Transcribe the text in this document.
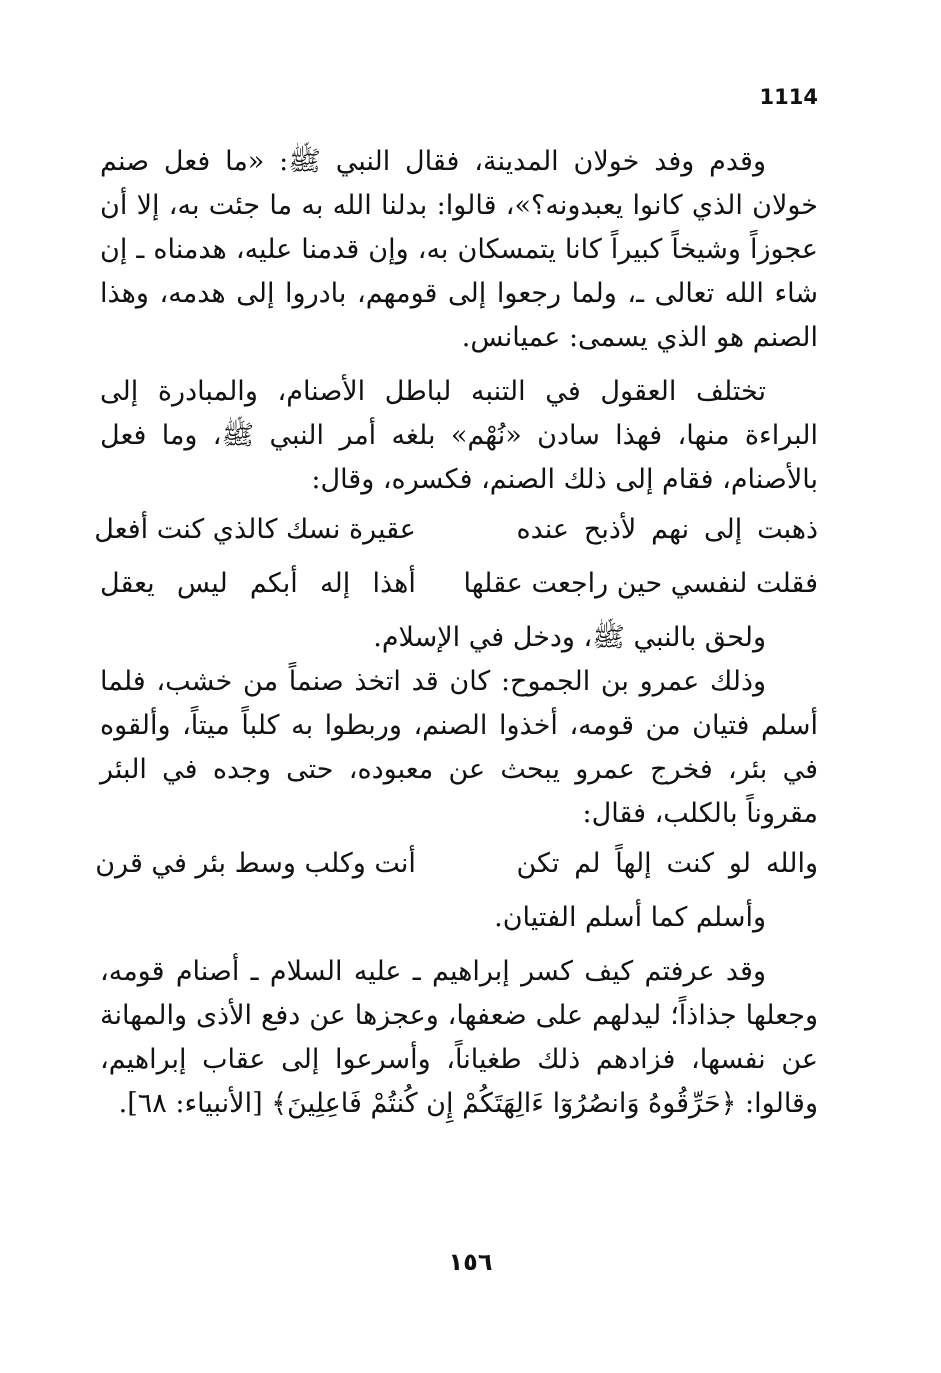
1114

وقدم وفد خولان المدينة، فقال النبي ﷺ: «ما فعل صنم خولان الذي كانوا يعبدونه؟»، قالوا: بدلنا الله به ما جئت به، إلا أن عجوزاً وشيخاً كبيراً كانا يتمسكان به، وإن قدمنا عليه، هدمناه ـ إن شاء الله تعالى ـ، ولما رجعوا إلى قومهم، بادروا إلى هدمه، وهذا الصنم هو الذي يسمى: عميانس.

تختلف العقول في التنبه لباطل الأصنام، والمبادرة إلى البراءة منها، فهذا سادن «نُهْم» بلغه أمر النبي ﷺ، وما فعل بالأصنام، فقام إلى ذلك الصنم، فكسره، وقال:

ذهبت إلى نهم لأذبح عنده
عقيرة نسك كالذي كنت أفعل
فقلت لنفسي حين راجعت عقلها
أهذا إله أبكم ليس يعقل

ولحق بالنبي ﷺ، ودخل في الإسلام.

وذلك عمرو بن الجموح: كان قد اتخذ صنماً من خشب، فلما أسلم فتيان من قومه، أخذوا الصنم، وربطوا به كلباً ميتاً، وألقوه في بئر، فخرج عمرو يبحث عن معبوده، حتى وجده في البئر مقروناً بالكلب، فقال:

والله لو كنت إلهاً لم تكن
أنت وكلب وسط بئر في قرن

وأسلم كما أسلم الفتيان.

وقد عرفتم كيف كسر إبراهيم ـ عليه السلام ـ أصنام قومه، وجعلها جذاذاً؛ ليدلهم على ضعفها، وعجزها عن دفع الأذى والمهانة عن نفسها، فزادهم ذلك طغياناً، وأسرعوا إلى عقاب إبراهيم، وقالوا: ﴿حَرِّقُوهُ وَانصُرُوٓا ءَالِهَتَكُمْ إِن كُنتُمْ فَاعِلِينَ﴾ [الأنبياء: ٦٨].

١٥٦
